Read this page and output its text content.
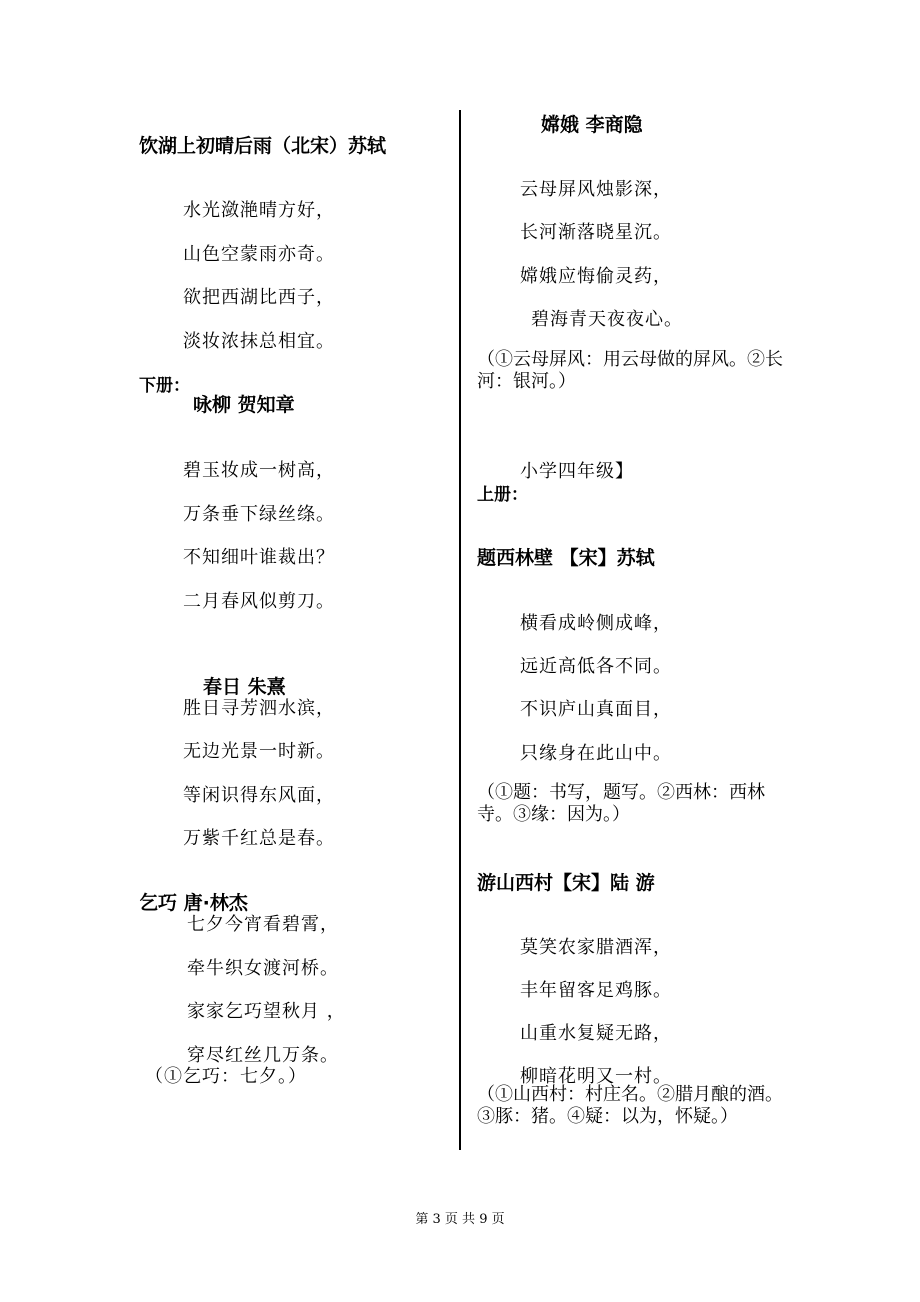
饮湖上初晴后雨（北宋）苏轼
水光潋滟晴方好，
山色空蒙雨亦奇。
欲把西湖比西子，
淡妆浓抹总相宜。
下册：
咏柳 贺知章
碧玉妆成一树高，
万条垂下绿丝绦。
不知细叶谁裁出？
二月春风似剪刀。
春日 朱熹
胜日寻芳泗水滨，
无边光景一时新。
等闲识得东风面，
万紫千红总是春。
乞巧 唐·林杰
七夕今宵看碧霄，
牵牛织女渡河桥。
家家乞巧望秋月 ，
穿尽红丝几万条。
（①乞巧：七夕。）
嫦娥 李商隐
云母屏风烛影深，
长河渐落晓星沉。
嫦娥应悔偷灵药，
碧海青天夜夜心。
（①云母屏风：用云母做的屏风。②长河：银河。）
小学四年级】
上册：
题西林壁 【宋】苏轼
横看成岭侧成峰，
远近高低各不同。
不识庐山真面目，
只缘身在此山中。
（①题：书写，题写。②西林：西林寺。③缘：因为。）
游山西村【宋】陆 游
莫笑农家腊酒浑，
丰年留客足鸡豚。
山重水复疑无路，
柳暗花明又一村。
（①山西村：村庄名。②腊月酿的酒。③豚：猪。④疑：以为，怀疑。）
第 3 页 共 9 页
